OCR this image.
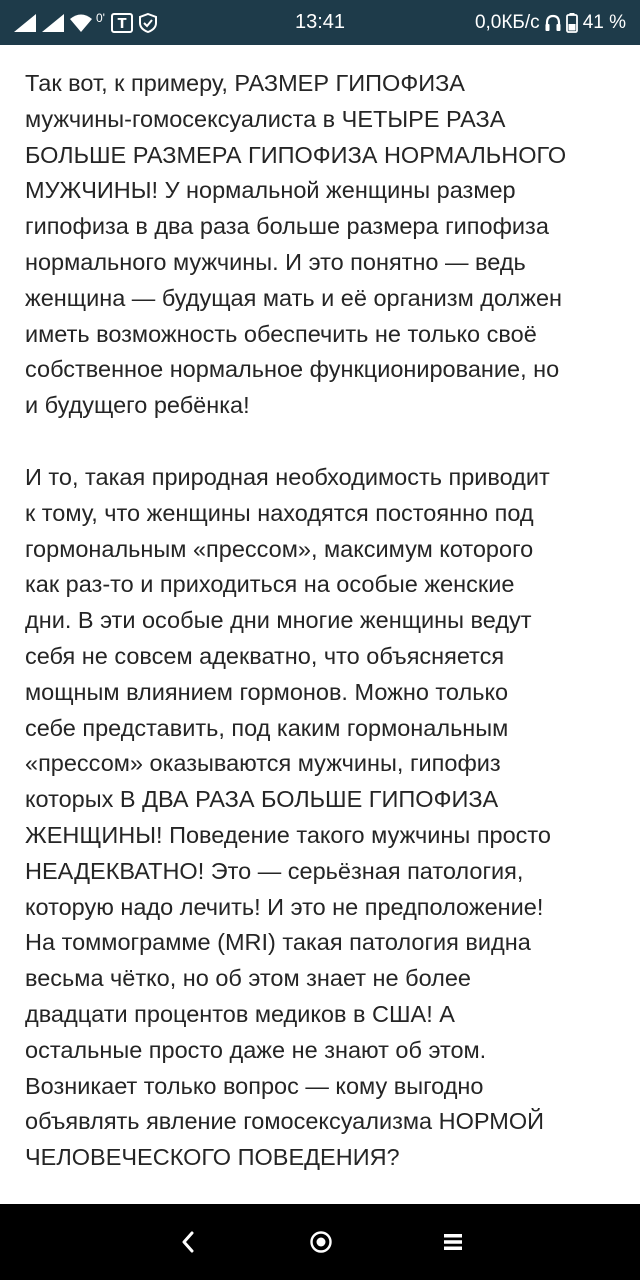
0' T	13:41	0,0КБ/с 41 %

Так вот, к примеру, РАЗМЕР ГИПОФИЗА
мужчины-гомосексуалиста в ЧЕТЫРЕ РАЗА
БОЛЬШЕ РАЗМЕРА ГИПОФИЗА НОРМАЛЬНОГО
МУЖЧИНЫ! У нормальной женщины размер
гипофиза в два раза больше размера гипофиза
нормального мужчины. И это понятно — ведь
женщина — будущая мать и её организм должен
иметь возможность обеспечить не только своё
собственное нормальное функционирование, но
и будущего ребёнка!

И то, такая природная необходимость приводит
к тому, что женщины находятся постоянно под
гормональным «прессом», максимум которого
как раз-то и приходиться на особые женские
дни. В эти особые дни многие женщины ведут
себя не совсем адекватно, что объясняется
мощным влиянием гормонов. Можно только
себе представить, под каким гормональным
«прессом» оказываются мужчины, гипофиз
которых В ДВА РАЗА БОЛЬШЕ ГИПОФИЗА
ЖЕНЩИНЫ! Поведение такого мужчины просто
НЕАДЕКВАТНО! Это — серьёзная патология,
которую надо лечить! И это не предположение!
На томмограмме (MRI) такая патология видна
весьма чётко, но об этом знает не более
двадцати процентов медиков в США! А
остальные просто даже не знают об этом.
Возникает только вопрос — кому выгодно
объявлять явление гомосексуализма НОРМОЙ
ЧЕЛОВЕЧЕСКОГО ПОВЕДЕНИЯ?
